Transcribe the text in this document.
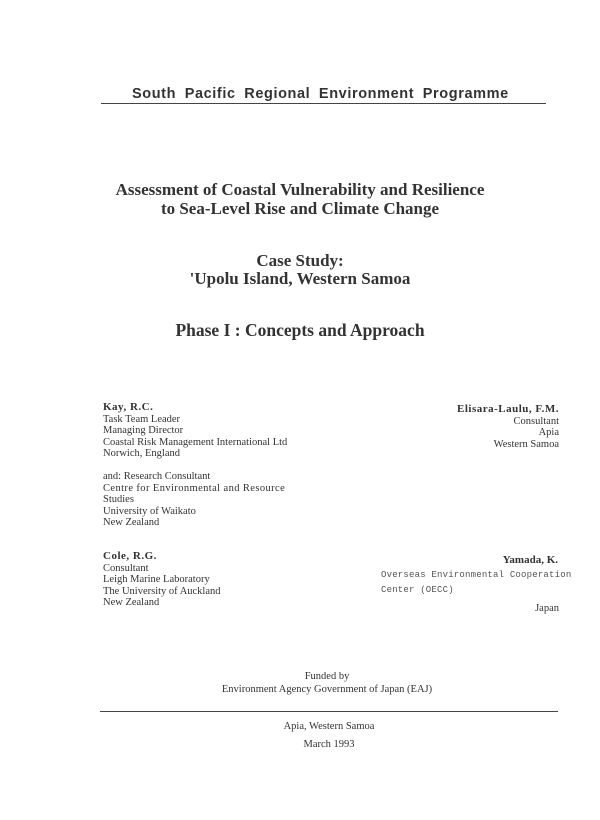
South Pacific Regional Environment Programme
Assessment of Coastal Vulnerability and Resilience
to Sea-Level Rise and Climate Change
Case Study:
'Upolu Island, Western Samoa
Phase I : Concepts and Approach
Kay, R.C.
Task Team Leader
Managing Director
Coastal Risk Management International Ltd
Norwich, England
and: Research Consultant
Centre for Environmental and Resource
Studies
University of Waikato
New Zealand
Elisara-Laulu, F.M.
Consultant
Apia
Western Samoa
Cole, R.G.
Consultant
Leigh Marine Laboratory
The University of Auckland
New Zealand
Yamada, K.
Overseas Environmental Cooperation
Center (OECC)
Japan
Funded by
Environment Agency Government of Japan (EAJ)
Apia, Western Samoa
March 1993
